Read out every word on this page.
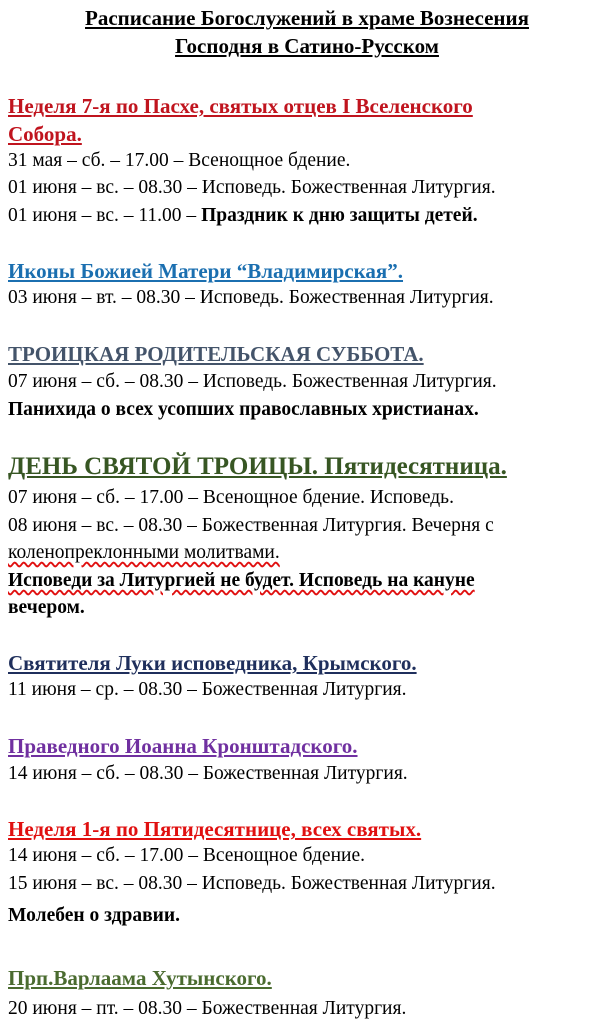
Расписание Богослужений в храме Вознесения
Господня в Сатино-Русском
Неделя 7-я по Пасхе, святых отцев I Вселенского
Собора.
31 мая – сб. – 17.00 – Всенощное бдение.
01 июня – вс. – 08.30 – Исповедь. Божественная Литургия.
01 июня – вс. – 11.00 – Праздник к дню защиты детей.
Иконы Божией Матери “Владимирская”.
03 июня – вт. – 08.30 – Исповедь. Божественная Литургия.
ТРОИЦКАЯ РОДИТЕЛЬСКАЯ СУББОТА.
07 июня – сб. – 08.30 – Исповедь. Божественная Литургия.
Панихида о всех усопших православных христианах.
ДЕНЬ СВЯТОЙ ТРОИЦЫ. Пятидесятница.
07 июня – сб. – 17.00 – Всенощное бдение. Исповедь.
08 июня – вс. – 08.30 – Божественная Литургия. Вечерня с
коленопреклонными молитвами.
Исповеди за Литургией не будет. Исповедь на кануне
вечером.
Святителя Луки исповедника, Крымского.
11 июня – ср. – 08.30 – Божественная Литургия.
Праведного Иоанна Кронштадского.
14 июня – сб. – 08.30 – Божественная Литургия.
Неделя 1-я по Пятидесятнице, всех святых.
14 июня – сб. – 17.00 – Всенощное бдение.
15 июня – вс. – 08.30 – Исповедь. Божественная Литургия.
Молебен о здравии.
Прп.Варлаама Хутынского.
20 июня – пт. – 08.30 – Божественная Литургия.
